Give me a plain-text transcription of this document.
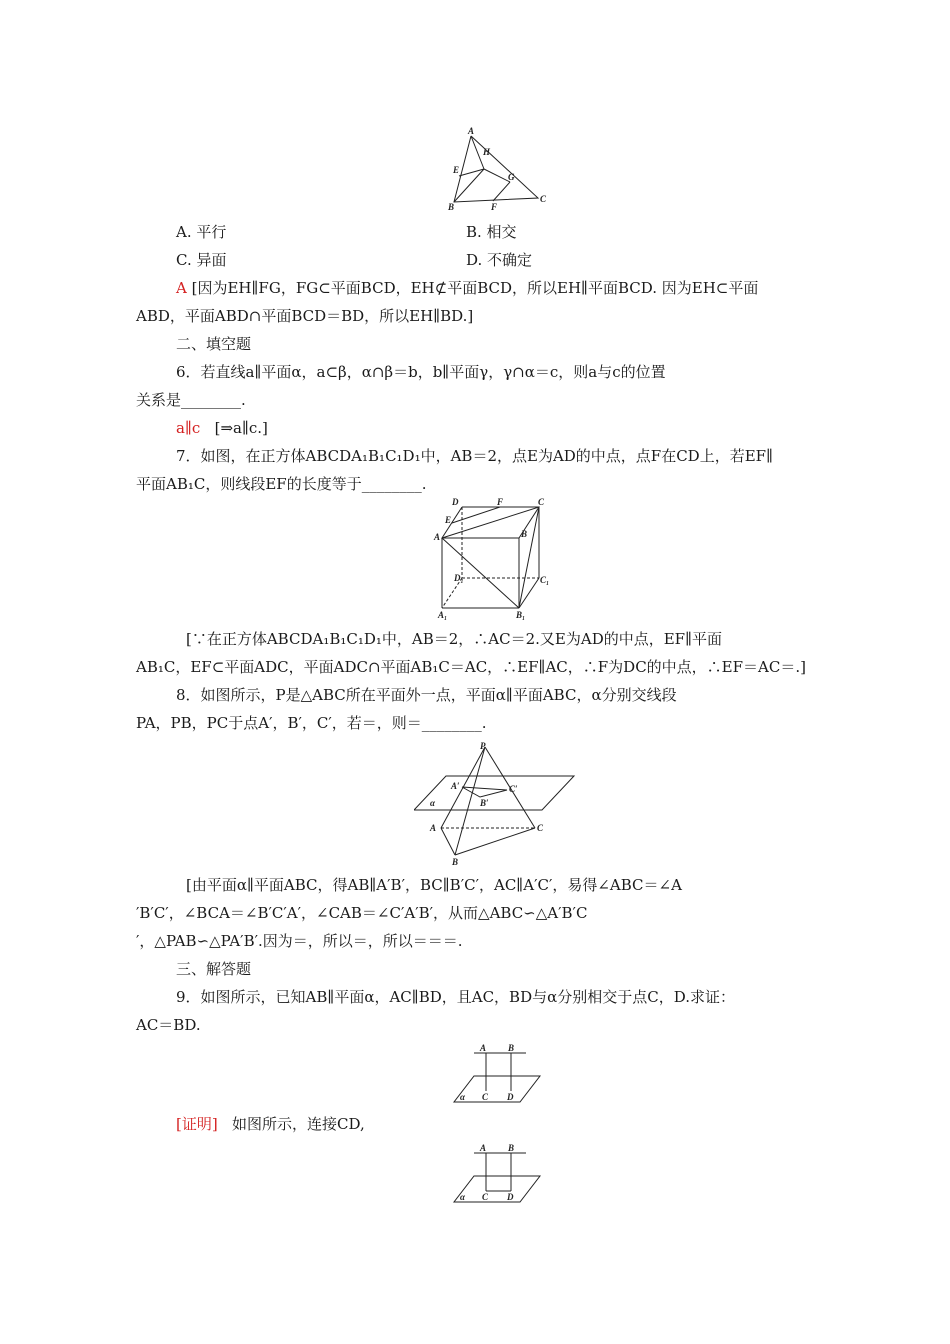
A
E
H
G
B	F
C
A. 平行	B. 相交
C. 异面	D. 不确定
A [因为EH∥FG，FG⊂平面BCD，EH⊄平面BCD，所以EH∥平面BCD. 因为EH⊂平面
ABD，平面ABD∩平面BCD＝BD，所以EH∥BD.]
二、填空题
6．若直线a∥平面α，a⊂β，α∩β＝b，b∥平面γ，γ∩α＝c，则a与c的位置
关系是________.
a∥c [⇒a∥c.]
7．如图，在正方体ABCDA₁B₁C₁D₁中，AB＝2，点E为AD的中点，点F在CD上，若EF∥
平面AB₁C，则线段EF的长度等于________.
D	F	C
E
A	B
D₁	C₁
A₁	B₁
[∵在正方体ABCDA₁B₁C₁D₁中，AB＝2，∴AC＝2.又E为AD的中点，EF∥平面
AB₁C，EF⊂平面ADC，平面ADC∩平面AB₁C＝AC，∴EF∥AC，∴F为DC的中点，∴EF＝AC＝.]
8．如图所示，P是△ABC所在平面外一点，平面α∥平面ABC，α分别交线段
PA，PB，PC于点A′，B′，C′，若＝，则＝________.
P
A′	C′
B′
α
A	C
B
[由平面α∥平面ABC，得AB∥A′B′，BC∥B′C′，AC∥A′C′，易得∠ABC＝∠A
′B′C′，∠BCA＝∠B′C′A′，∠CAB＝∠C′A′B′，从而△ABC∽△A′B′C
′，△PAB∽△PA′B′.因为＝，所以＝，所以＝＝＝.
三、解答题
9．如图所示，已知AB∥平面α，AC∥BD，且AC，BD与α分别相交于点C，D.求证：
AC＝BD.
A B
α C D
[证明] 如图所示，连接CD,
A B
α C D
